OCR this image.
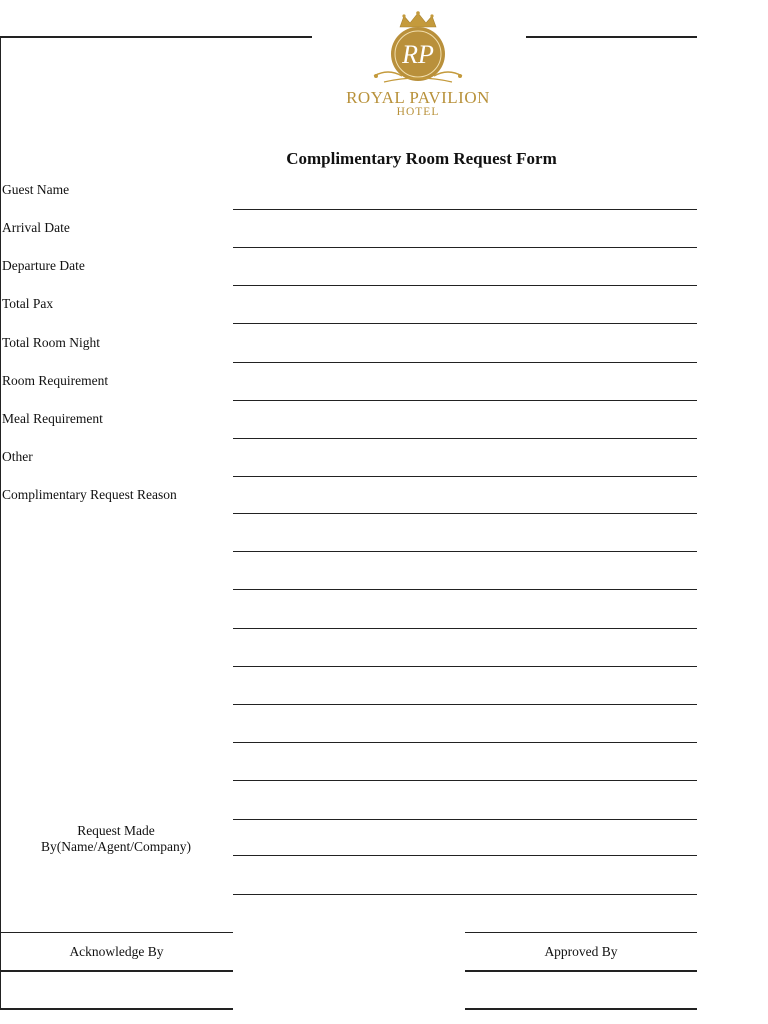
RP
ROYAL PAVILION
HOTEL
Complimentary Room Request Form
Guest Name
Arrival Date
Departure Date
Total Pax
Total Room Night
Room Requirement
Meal Requirement
Other
Complimentary Request Reason
Request Made
By(Name/Agent/Company)
Acknowledge By	Approved By
